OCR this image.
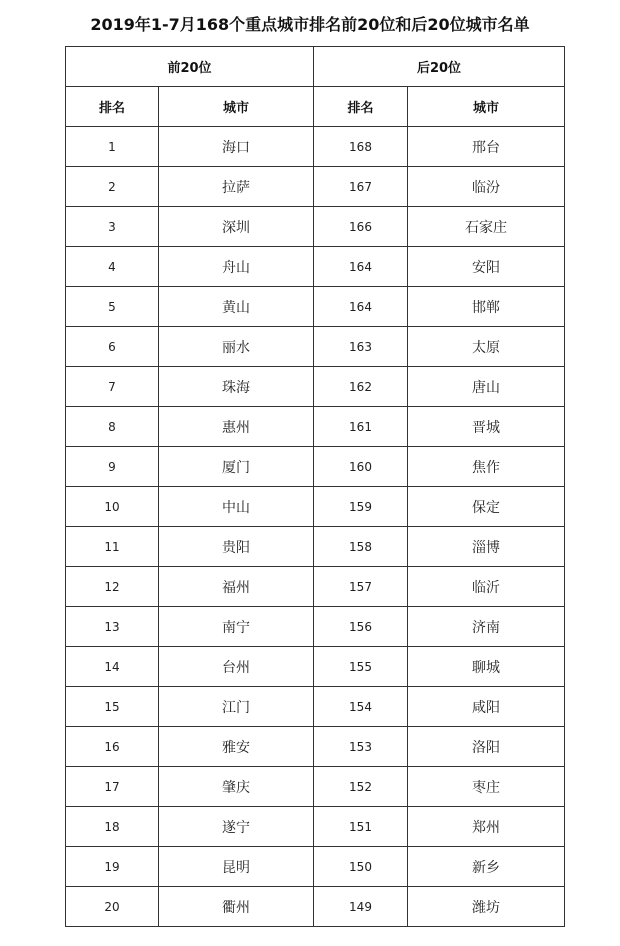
2019年1-7月168个重点城市排名前20位和后20位城市名单
前20位		后20位	
排名	城市	排名	城市
1	海口	168	邢台
2	拉萨	167	临汾
3	深圳	166	石家庄
4	舟山	164	安阳
5	黄山	164	邯郸
6	丽水	163	太原
7	珠海	162	唐山
8	惠州	161	晋城
9	厦门	160	焦作
10	中山	159	保定
11	贵阳	158	淄博
12	福州	157	临沂
13	南宁	156	济南
14	台州	155	聊城
15	江门	154	咸阳
16	雅安	153	洛阳
17	肇庆	152	枣庄
18	遂宁	151	郑州
19	昆明	150	新乡
20	衢州	149	潍坊
